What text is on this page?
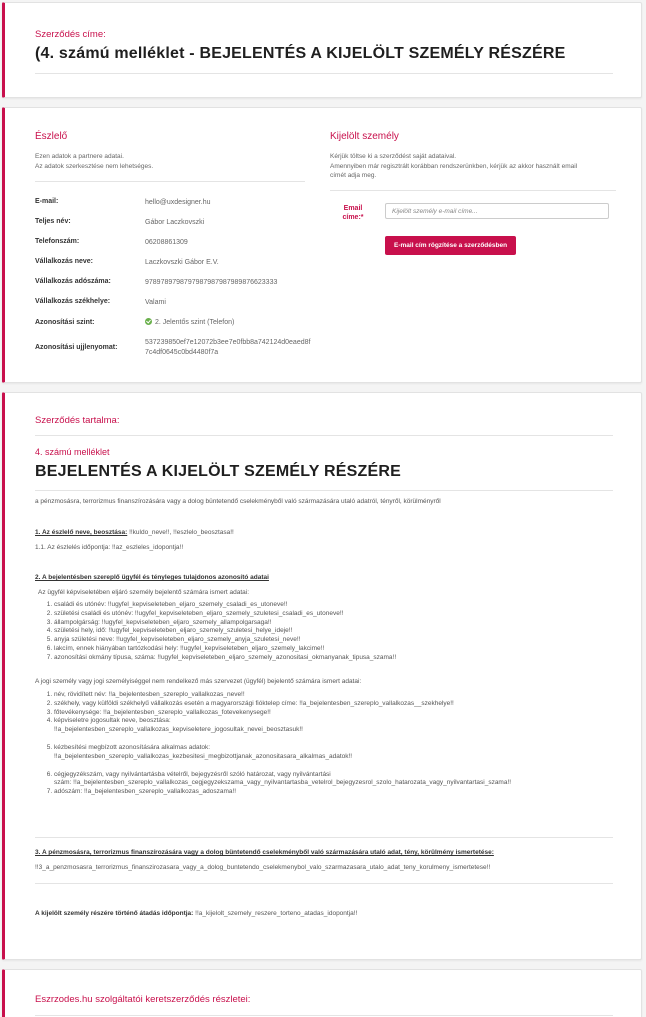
Szerződés címe:
(4. számú melléklet - BEJELENTÉS A KIJELÖLT SZEMÉLY RÉSZÉRE
Észlelő
Ezen adatok a partnere adatai.
Az adatok szerkesztése nem lehetséges.
E-mail:	hello@uxdesigner.hu
Teljes név:	Gábor Laczkovszki
Telefonszám:	06208861309
Vállalkozás neve:	Laczkovszki Gábor E.V.
Vállalkozás adószáma:	9789789798797987987987989876623333
Vállalkozás székhelye:	Valami
Azonosítási szint:	2. Jelentős szint (Telefon)
Azonosítási ujjlenyomat:
537239850ef7e12072b3ee7e0fbb8a742124d0eaed8f
7c4df0645c0bd4480f7a
Kijelölt személy
Kérjük töltse ki a szerződést saját adataival.
Amennyiben már regisztrált korábban rendszerünkben, kérjük az akkor használt email
címét adja meg.
Email
címe:*
Kijelölt személy e-mail címe...
E-mail cím rögzítése a szerződésben
Szerződés tartalma:
4. számú melléklet
BEJELENTÉS A KIJELÖLT SZEMÉLY RÉSZÉRE
a pénzmosásra, terrorizmus finanszírozására vagy a dolog büntetendő cselekményből való származására utaló adatról, tényről, körülményről
1. Az észlelő neve, beosztása: !!kuldo_neve!!, !!eszlelo_beosztasa!!
1.1. Az észlelés időpontja: !!az_eszleles_idopontja!!
2. A bejelentésben szereplő ügyfél és tényleges tulajdonos azonosító adatai
Az ügyfél képviseletében eljáró személy bejelentő számára ismert adatai:
1. családi és utónév: !!ugyfel_kepviseleteben_eljaro_szemely_csaladi_es_utoneve!!
2. születési családi és utónév: !!ugyfel_kepviseleteben_eljaro_szemely_szuletesi_csaladi_es_utoneve!!
3. állampolgárság: !!ugyfel_kepviseleteben_eljaro_szemely_allampolgarsaga!!
4. születési hely, idő: !!ugyfel_kepviseleteben_eljaro_szemely_szuletesi_helye_ideje!!
5. anyja születési neve: !!ugyfel_kepviseleteben_eljaro_szemely_anyja_szuletesi_neve!!
6. lakcím, ennek hiányában tartózkodási hely: !!ugyfel_kepviseleteben_eljaro_szemely_lakcime!!
7. azonosítási okmány típusa, száma: !!ugyfel_kepviseleteben_eljaro_szemely_azonositasi_okmanyanak_tipusa_szama!!
A jogi személy vagy jogi személyiséggel nem rendelkező más szervezet (ügyfél) bejelentő számára ismert adatai:
1. név, rövidített név: !!a_bejelentesben_szereplo_vallalkozas_neve!!
2. székhely, vagy külföldi székhelyű vállalkozás esetén a magyarországi fióktelep címe: !!a_bejelentesben_szereplo_vallalkozas__szekhelye!!
3. főtevékenysége: !!a_bejelentesben_szereplo_vallalkozas_fotevekenysege!!
4. képviseletre jogosultak neve, beosztása:
!!a_bejelentesben_szereplo_vallalkozas_kepviseletere_jogosultak_nevei_beosztasuk!!
5. kézbesítési megbízott azonosítására alkalmas adatok:
!!a_bejelentesben_szereplo_vallalkozas_kezbesitesi_megbizottjanak_azonositasara_alkalmas_adatok!!
6. cégjegyzékszám, vagy nyilvántartásba vételről, bejegyzésről szóló határozat, vagy nyilvántartási
szám: !!a_bejelentesben_szereplo_vallalkozas_cegjegyzekszama_vagy_nyilvantartasba_vetelrol_bejegyzesrol_szolo_hatarozata_vagy_nyilvantartasi_szama!!
7. adószám: !!a_bejelentesben_szereplo_vallalkozas_adoszama!!
3. A pénzmosásra, terrorizmus finanszírozására vagy a dolog büntetendő cselekményből való származására utaló adat, tény, körülmény ismertetése:
!!3_a_penzmosasra_terrorizmus_finanszirozasara_vagy_a_dolog_buntetendo_cselekmenybol_valo_szarmazasara_utalo_adat_teny_korulmeny_ismertetese!!
A kijelölt személy részére történő átadás időpontja: !!a_kijelolt_szemely_reszere_torteno_atadas_idopontja!!
Eszrzodes.hu szolgáltatói keretszerződés részletei:
